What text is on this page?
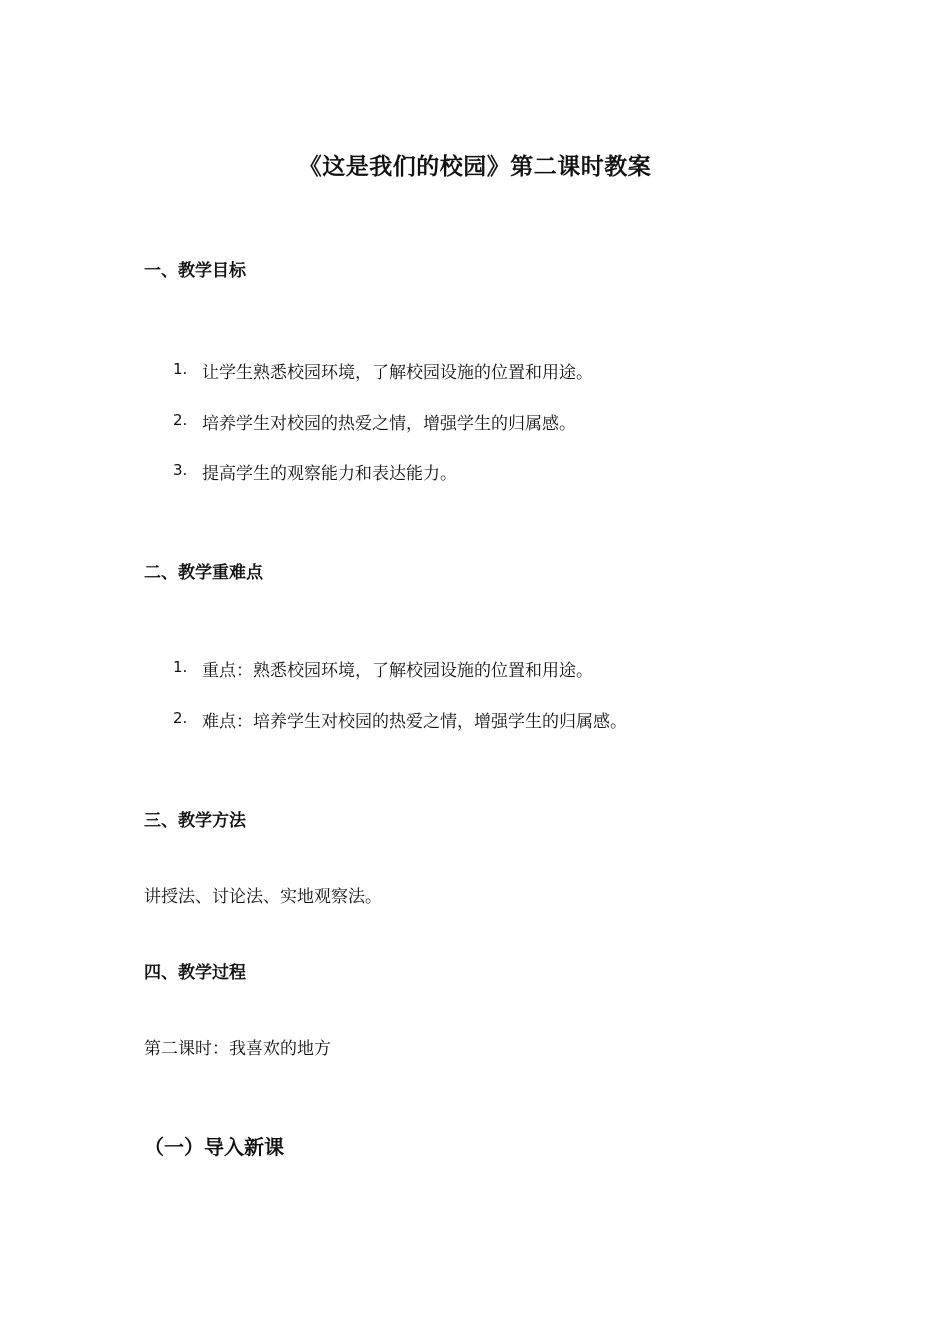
《这是我们的校园》第二课时教案
一、教学目标
1. 让学生熟悉校园环境，了解校园设施的位置和用途。
2. 培养学生对校园的热爱之情，增强学生的归属感。
3. 提高学生的观察能力和表达能力。
二、教学重难点
1. 重点：熟悉校园环境，了解校园设施的位置和用途。
2. 难点：培养学生对校园的热爱之情，增强学生的归属感。
三、教学方法
讲授法、讨论法、实地观察法。
四、教学过程
第二课时：我喜欢的地方
（一）导入新课
